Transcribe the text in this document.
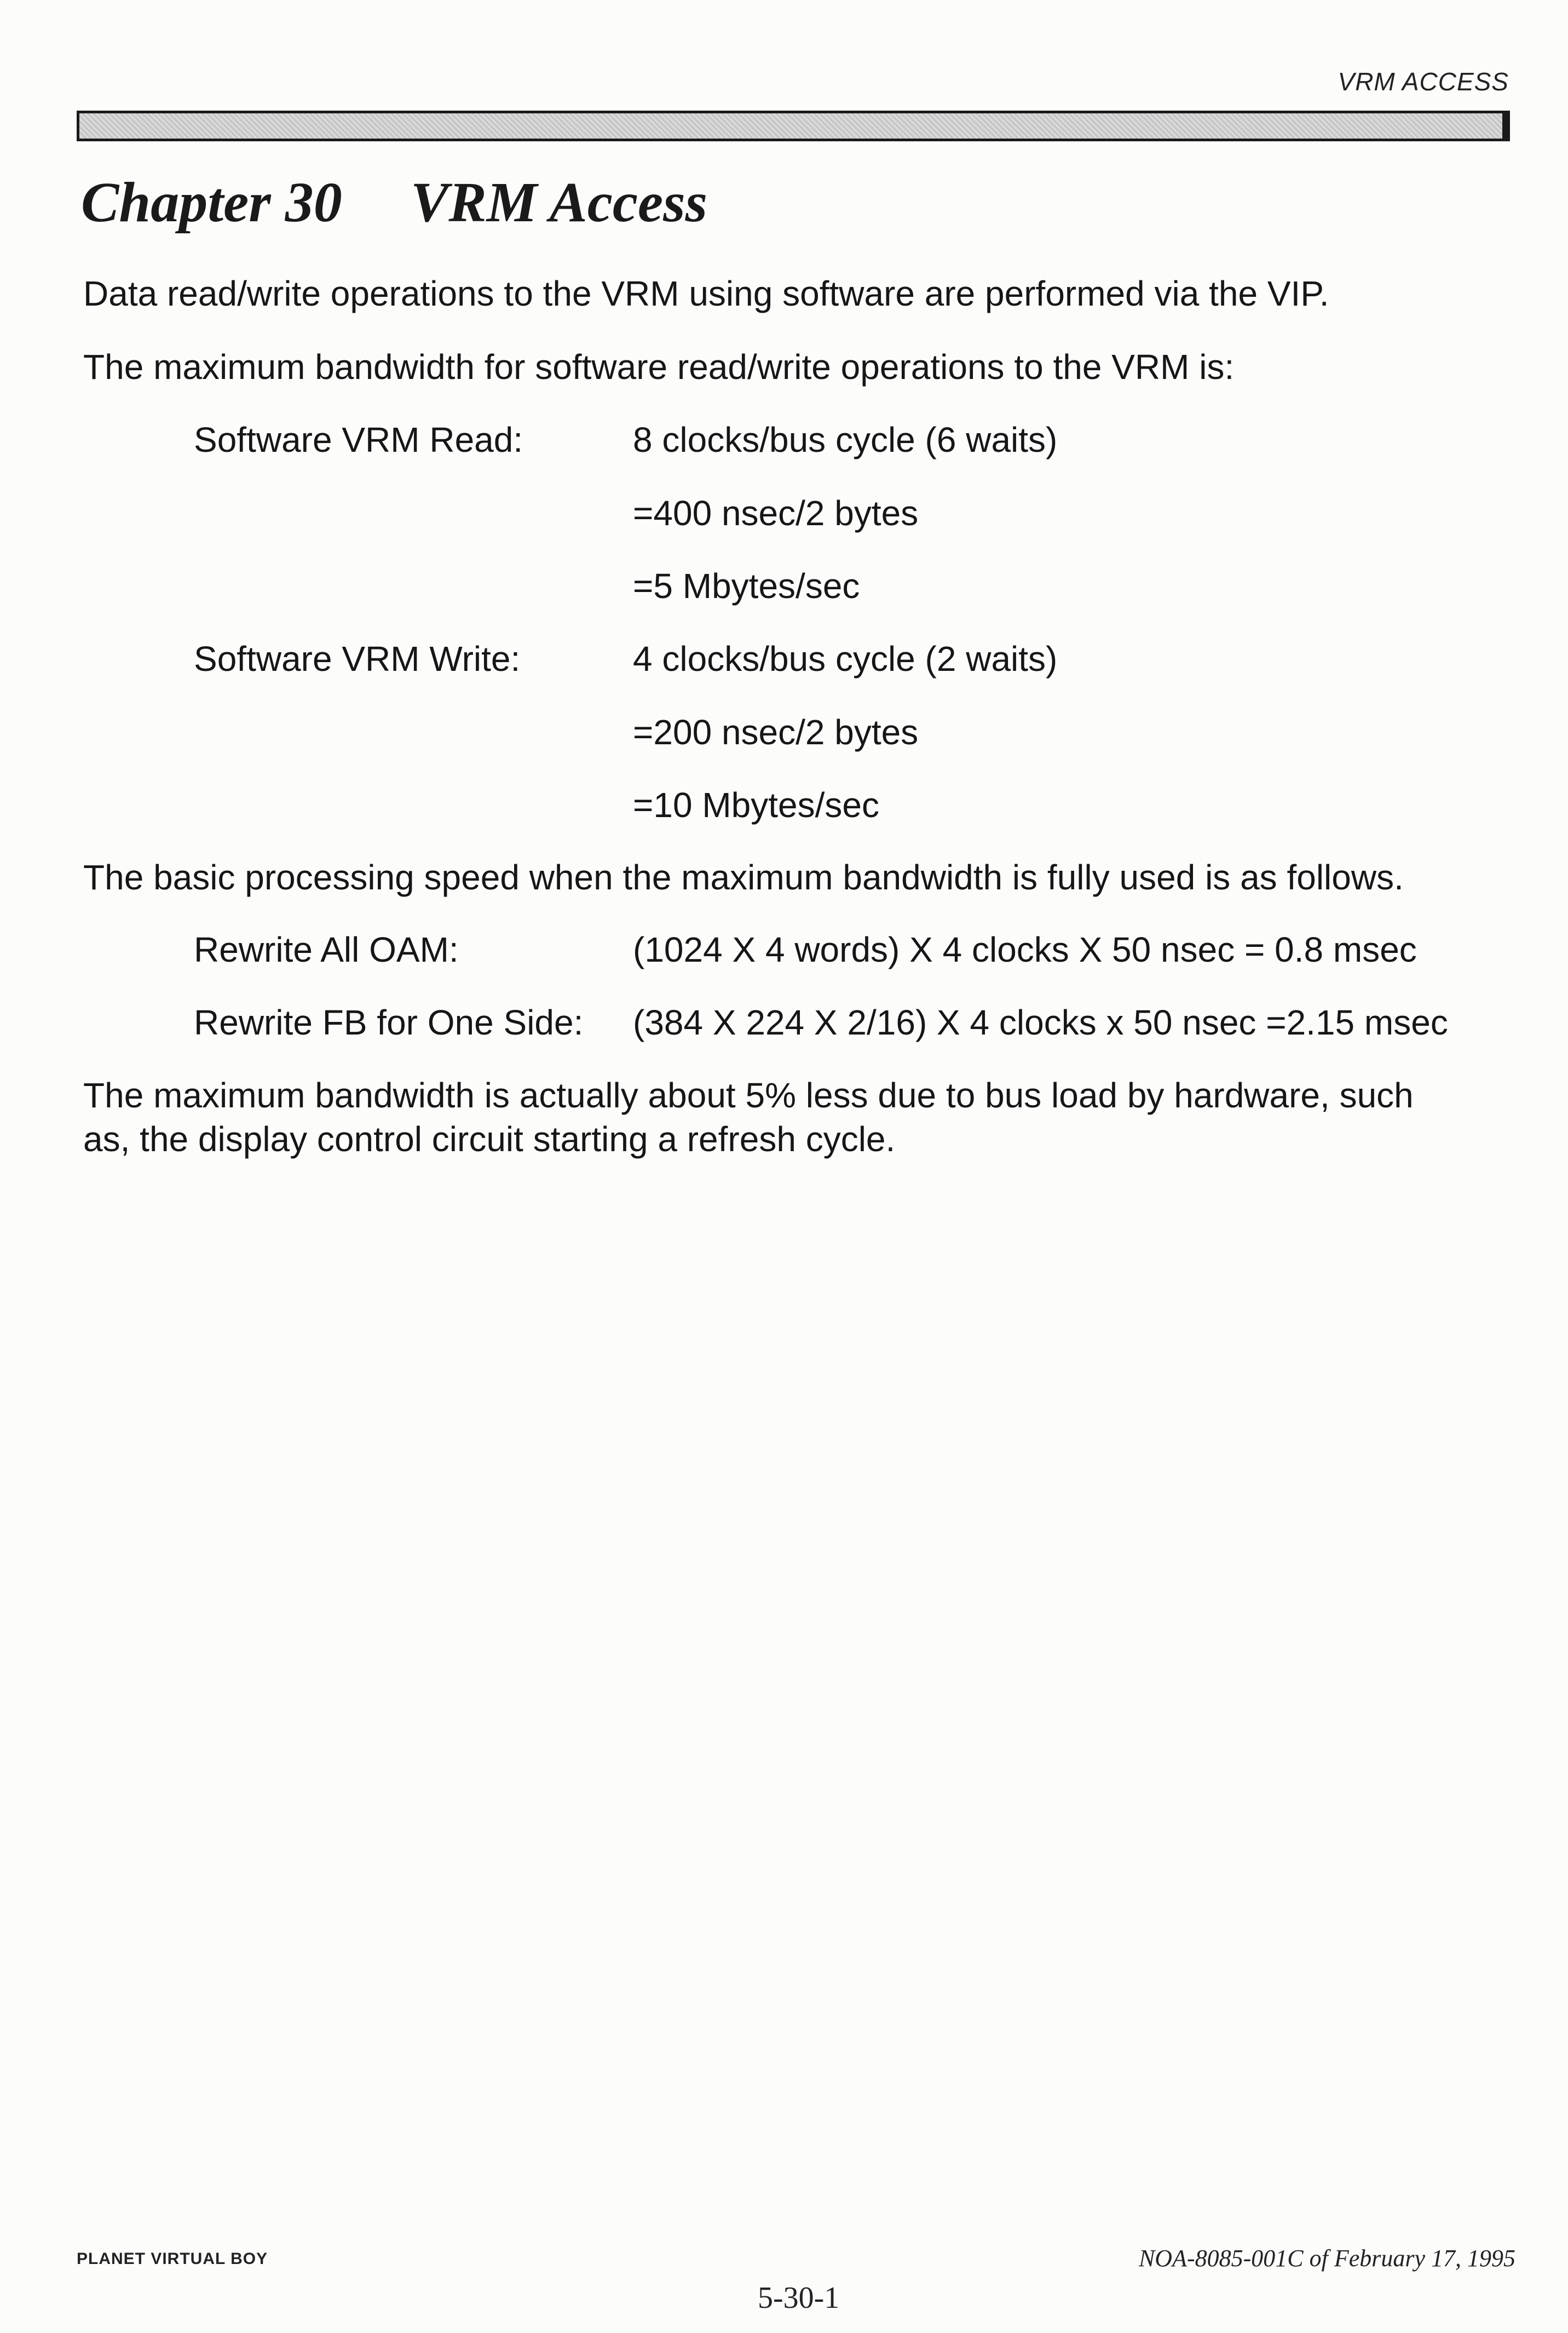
VRM ACCESS
Chapter 30 VRM Access
Data read/write operations to the VRM using software are performed via the VIP.
The maximum bandwidth for software read/write operations to the VRM is:
Software VRM Read:	8 clocks/bus cycle (6 waits)
=400 nsec/2 bytes
=5 Mbytes/sec
Software VRM Write:	4 clocks/bus cycle (2 waits)
=200 nsec/2 bytes
=10 Mbytes/sec
The basic processing speed when the maximum bandwidth is fully used is as follows.
Rewrite All OAM:	(1024 X 4 words) X 4 clocks X 50 nsec = 0.8 msec
Rewrite FB for One Side: (384 X 224 X 2/16) X 4 clocks x 50 nsec =2.15 msec
The maximum bandwidth is actually about 5% less due to bus load by hardware, such
as, the display control circuit starting a refresh cycle.
PLANET VIRTUAL BOY	NOA-8085-001C of February 17, 1995
5-30-1
